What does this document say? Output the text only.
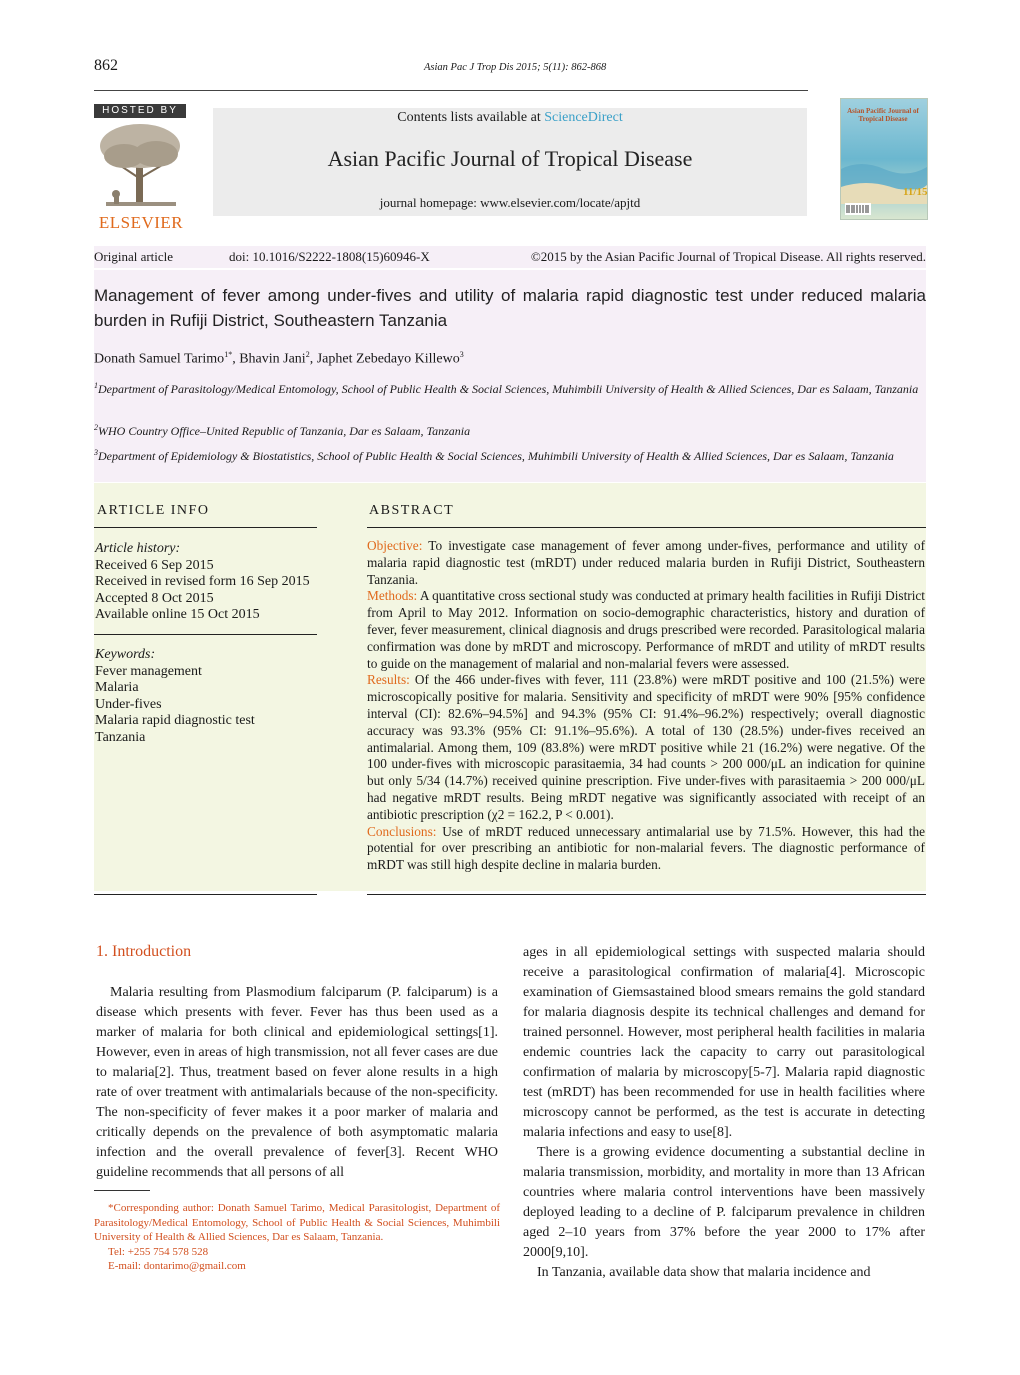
862	Asian Pac J Trop Dis 2015; 5(11): 862-868
HOSTED BY
ELSEVIER
Contents lists available at ScienceDirect
Asian Pacific Journal of Tropical Disease
journal homepage: www.elsevier.com/locate/apjtd
Asian Pacific Journal of Tropical Disease
11/15
Original article	doi: 10.1016/S2222-1808(15)60946-X	©2015 by the Asian Pacific Journal of Tropical Disease. All rights reserved.
Management of fever among under-fives and utility of malaria rapid diagnostic test under reduced malaria burden in Rufiji District, Southeastern Tanzania
Donath Samuel Tarimo$^{1*}$, Bhavin Jani$^2$, Japhet Zebedayo Killewo$^3$
$^1$Department of Parasitology/Medical Entomology, School of Public Health & Social Sciences, Muhimbili University of Health & Allied Sciences, Dar es Salaam, Tanzania
$^2$WHO Country Office–United Republic of Tanzania, Dar es Salaam, Tanzania
$^3$Department of Epidemiology & Biostatistics, School of Public Health & Social Sciences, Muhimbili University of Health & Allied Sciences, Dar es Salaam, Tanzania
ARTICLE INFO
Article history:
Received 6 Sep 2015
Received in revised form 16 Sep 2015
Accepted 8 Oct 2015
Available online 15 Oct 2015
Keywords:
Fever management
Malaria
Under-fives
Malaria rapid diagnostic test
Tanzania
ABSTRACT
Objective: To investigate case management of fever among under-fives, performance and utility of malaria rapid diagnostic test (mRDT) under reduced malaria burden in Rufiji District, Southeastern Tanzania.
Methods: A quantitative cross sectional study was conducted at primary health facilities in Rufiji District from April to May 2012. Information on socio-demographic characteristics, history and duration of fever, fever measurement, clinical diagnosis and drugs prescribed were recorded. Parasitological malaria confirmation was done by mRDT and microscopy. Performance of mRDT and utility of mRDT results to guide on the management of malarial and non-malarial fevers were assessed.
Results: Of the 466 under-fives with fever, 111 (23.8%) were mRDT positive and 100 (21.5%) were microscopically positive for malaria. Sensitivity and specificity of mRDT were 90% [95% confidence interval (CI): 82.6%–94.5%] and 94.3% (95% CI: 91.4%–96.2%) respectively; overall diagnostic accuracy was 93.3% (95% CI: 91.1%–95.6%). A total of 130 (28.5%) under-fives received an antimalarial. Among them, 109 (83.8%) were mRDT positive while 21 (16.2%) were negative. Of the 100 under-fives with microscopic parasitaemia, 34 had counts > 200 000/μL an indication for quinine but only 5/34 (14.7%) received quinine prescription. Five under-fives with parasitaemia > 200 000/μL had negative mRDT results. Being mRDT negative was significantly associated with receipt of an antibiotic prescription (χ2 = 162.2, P < 0.001).
Conclusions: Use of mRDT reduced unnecessary antimalarial use by 71.5%. However, this had the potential for over prescribing an antibiotic for non-malarial fevers. The diagnostic performance of mRDT was still high despite decline in malaria burden.
1. Introduction

Malaria resulting from Plasmodium falciparum (P. falciparum) is a disease which presents with fever. Fever has thus been used as a marker of malaria for both clinical and epidemiological settings[1]. However, even in areas of high transmission, not all fever cases are due to malaria[2]. Thus, treatment based on fever alone results in a high rate of over treatment with antimalarials because of the non-specificity. The non-specificity of fever makes it a poor marker of malaria and critically depends on the prevalence of both asymptomatic malaria infection and the overall prevalence of fever[3]. Recent WHO guideline recommends that all persons of all

ages in all epidemiological settings with suspected malaria should receive a parasitological confirmation of malaria[4]. Microscopic examination of Giemsastained blood smears remains the gold standard for malaria diagnosis despite its technical challenges and demand for trained personnel. However, most peripheral health facilities in malaria endemic countries lack the capacity to carry out parasitological confirmation of malaria by microscopy[5-7]. Malaria rapid diagnostic test (mRDT) has been recommended for use in health facilities where microscopy cannot be performed, as the test is accurate in detecting malaria infections and easy to use[8].

There is a growing evidence documenting a substantial decline in malaria transmission, morbidity, and mortality in more than 13 African countries where malaria control interventions have been massively deployed leading to a decline of P. falciparum prevalence in children aged 2–10 years from 37% before the year 2000 to 17% after 2000[9,10].

In Tanzania, available data show that malaria incidence and

*Corresponding author: Donath Samuel Tarimo, Medical Parasitologist, Department of Parasitology/Medical Entomology, School of Public Health & Social Sciences, Muhimbili University of Health & Allied Sciences, Dar es Salaam, Tanzania.
Tel: +255 754 578 528
E-mail: dontarimo@gmail.com
